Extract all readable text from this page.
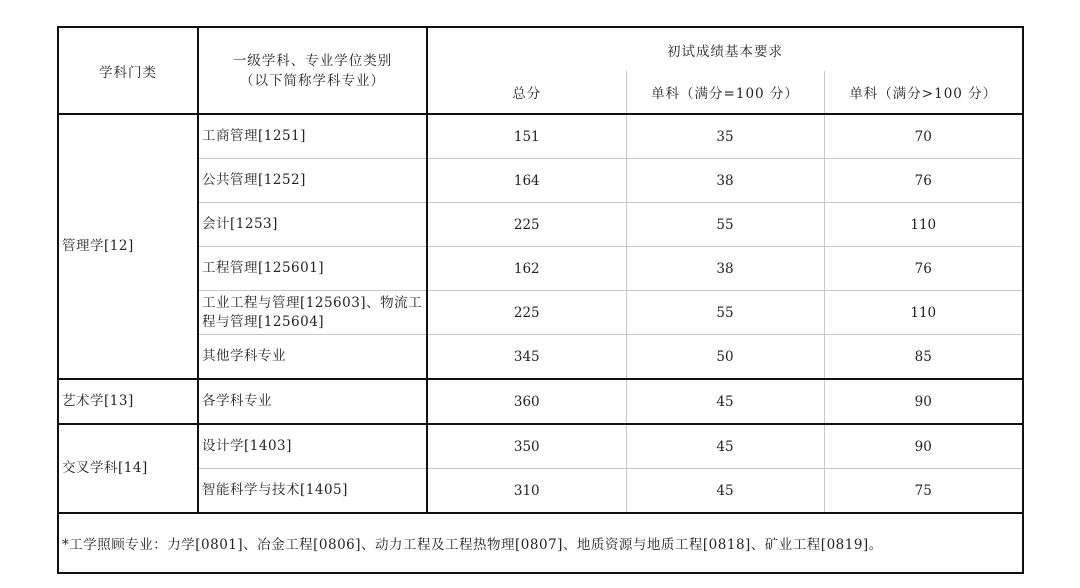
学科门类	一级学科、专业学位类别
（以下简称学科专业）	初试成绩基本要求		
		总分	单科（满分=100 分）	单科（满分>100 分）
管理学[12]	工商管理[1251]	151	35	70
	公共管理[1252]	164	38	76
	会计[1253]	225	55	110
	工程管理[125601]	162	38	76

	工业工程与管理[125603]、物流工
程与管理[125604]	225	55	110
	其他学科专业	345	50	85
艺术学[13]	各学科专业	360	45	90
交叉学科[14]	设计学[1403]	350	45	90
	智能科学与技术[1405]	310	45	75
*工学照顾专业：力学[0801]、冶金工程[0806]、动力工程及工程热物理[0807]、地质资源与地质工程[0818]、矿业工程[0819]。				
